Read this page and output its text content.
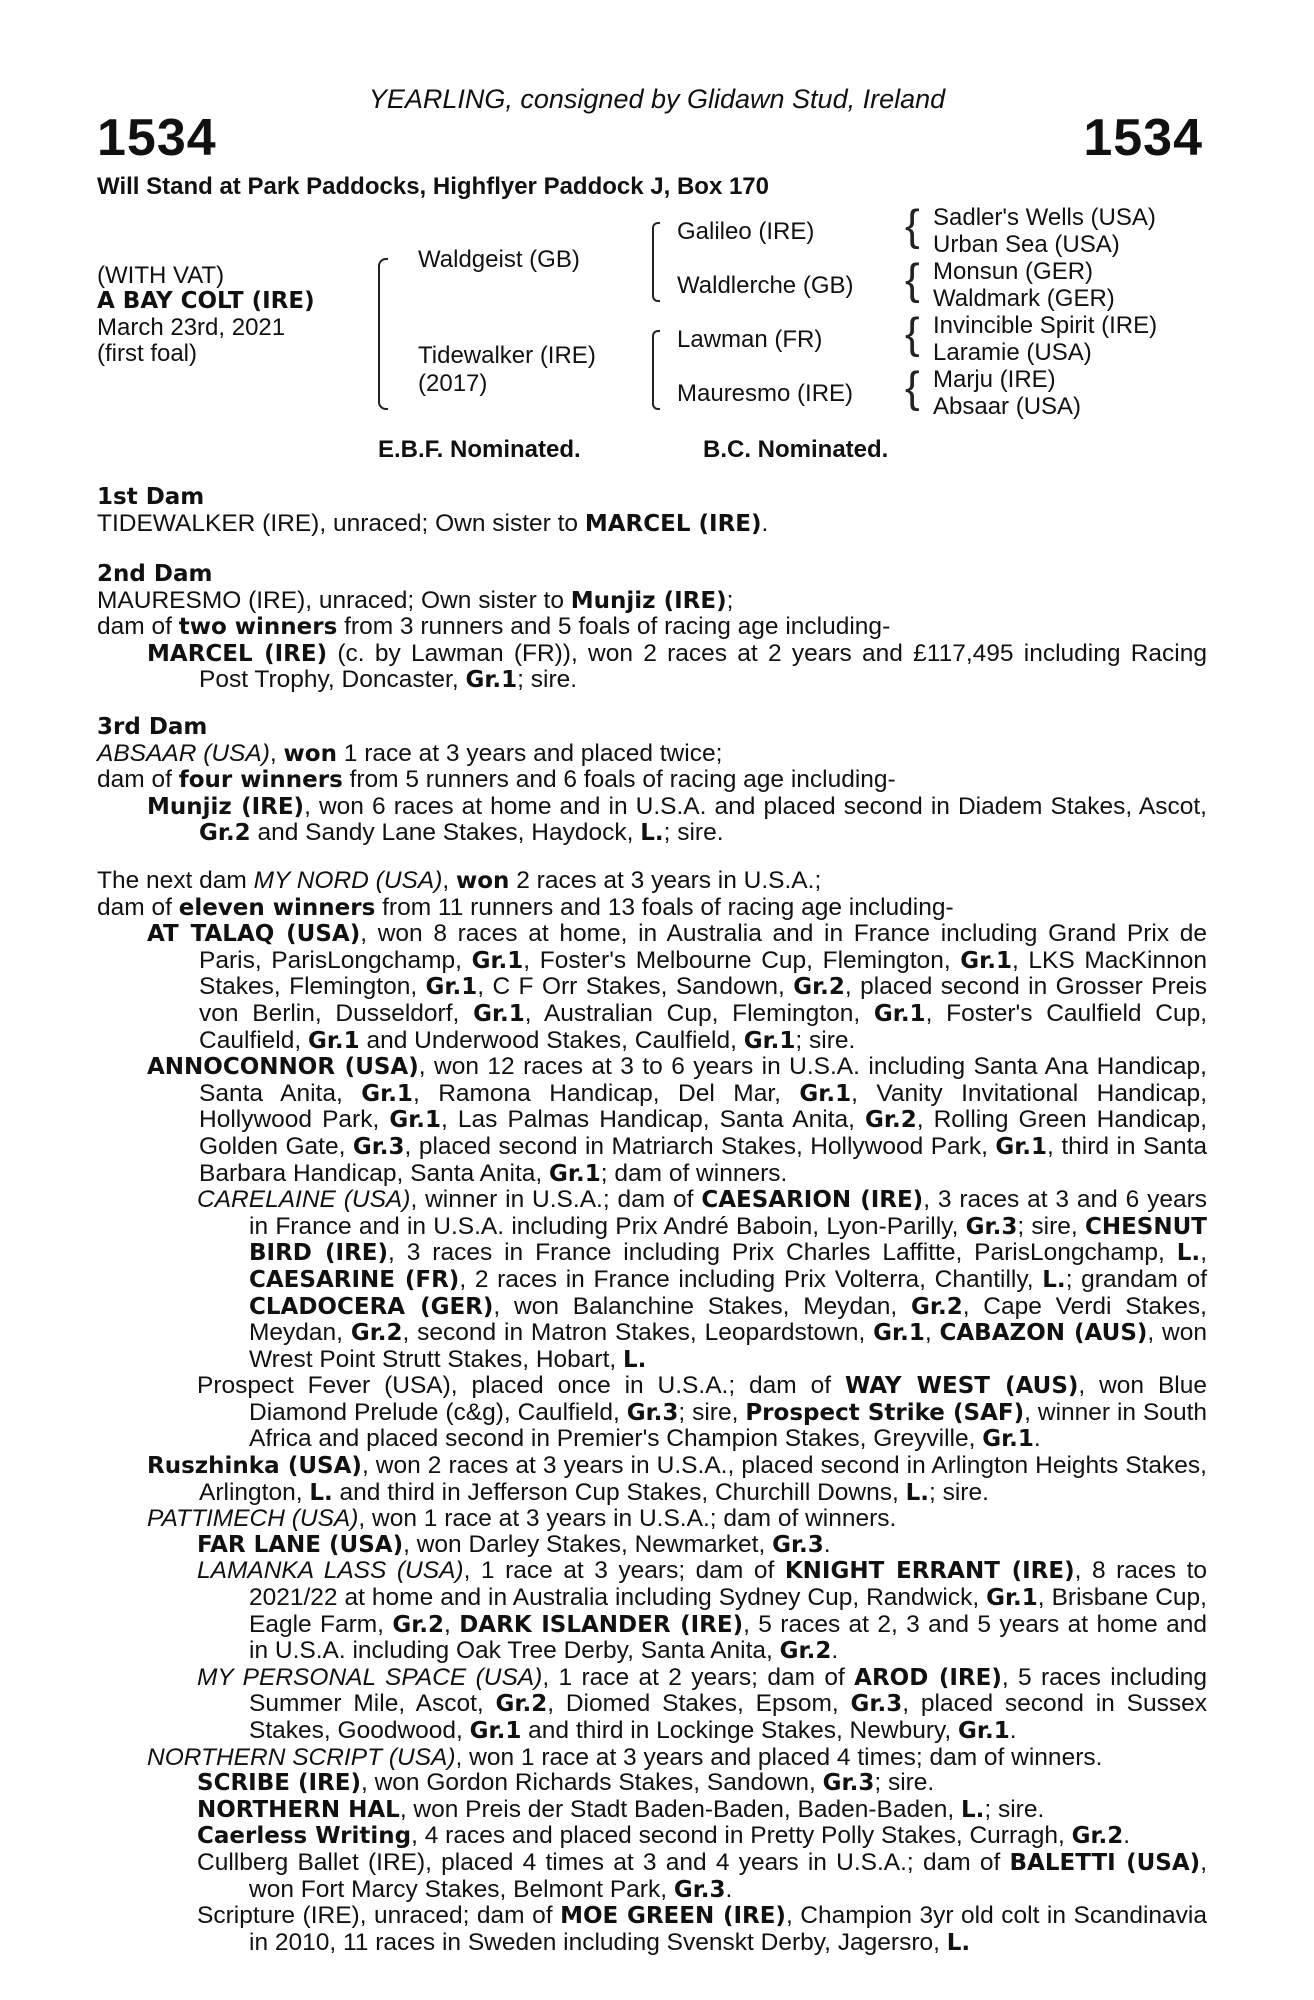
YEARLING, consigned by Glidawn Stud, Ireland
1534	1534
Will Stand at Park Paddocks, Highflyer Paddock J, Box 170
(WITH VAT)
A BAY COLT (IRE)
March 23rd, 2021
(first foal)
Waldgeist (GB)
Tidewalker (IRE)
(2017)
Galileo (IRE)
Waldlerche (GB)
Lawman (FR)
Mauresmo (IRE)
{
{
{
{
Sadler's Wells (USA)
Urban Sea (USA)
Monsun (GER)
Waldmark (GER)
Invincible Spirit (IRE)
Laramie (USA)
Marju (IRE)
Absaar (USA)
E.B.F. Nominated.	B.C. Nominated.

1st Dam

TIDEWALKER (IRE), unraced; Own sister to MARCEL (IRE).

2nd Dam

MAURESMO (IRE), unraced; Own sister to Munjiz (IRE);

dam of two winners from 3 runners and 5 foals of racing age including-

MARCEL (IRE) (c. by Lawman (FR)), won 2 races at 2 years and £117,495 including Racing Post Trophy, Doncaster, Gr.1; sire.

3rd Dam

ABSAAR (USA), won 1 race at 3 years and placed twice;

dam of four winners from 5 runners and 6 foals of racing age including-

Munjiz (IRE), won 6 races at home and in U.S.A. and placed second in Diadem Stakes, Ascot, Gr.2 and Sandy Lane Stakes, Haydock, L.; sire.

The next dam MY NORD (USA), won 2 races at 3 years in U.S.A.;

dam of eleven winners from 11 runners and 13 foals of racing age including-

AT TALAQ (USA), won 8 races at home, in Australia and in France including Grand Prix de Paris, ParisLongchamp, Gr.1, Foster's Melbourne Cup, Flemington, Gr.1, LKS MacKinnon Stakes, Flemington, Gr.1, C F Orr Stakes, Sandown, Gr.2, placed second in Grosser Preis von Berlin, Dusseldorf, Gr.1, Australian Cup, Flemington, Gr.1, Foster's Caulfield Cup, Caulfield, Gr.1 and Underwood Stakes, Caulfield, Gr.1; sire.

ANNOCONNOR (USA), won 12 races at 3 to 6 years in U.S.A. including Santa Ana Handicap, Santa Anita, Gr.1, Ramona Handicap, Del Mar, Gr.1, Vanity Invitational Handicap, Hollywood Park, Gr.1, Las Palmas Handicap, Santa Anita, Gr.2, Rolling Green Handicap, Golden Gate, Gr.3, placed second in Matriarch Stakes, Hollywood Park, Gr.1, third in Santa Barbara Handicap, Santa Anita, Gr.1; dam of winners.

CARELAINE (USA), winner in U.S.A.; dam of CAESARION (IRE), 3 races at 3 and 6 years in France and in U.S.A. including Prix André Baboin, Lyon-Parilly, Gr.3; sire, CHESNUT BIRD (IRE), 3 races in France including Prix Charles Laffitte, ParisLongchamp, L., CAESARINE (FR), 2 races in France including Prix Volterra, Chantilly, L.; grandam of CLADOCERA (GER), won Balanchine Stakes, Meydan, Gr.2, Cape Verdi Stakes, Meydan, Gr.2, second in Matron Stakes, Leopardstown, Gr.1, CABAZON (AUS), won Wrest Point Strutt Stakes, Hobart, L.

Prospect Fever (USA), placed once in U.S.A.; dam of WAY WEST (AUS), won Blue Diamond Prelude (c&g), Caulfield, Gr.3; sire, Prospect Strike (SAF), winner in South Africa and placed second in Premier's Champion Stakes, Greyville, Gr.1.

Ruszhinka (USA), won 2 races at 3 years in U.S.A., placed second in Arlington Heights Stakes, Arlington, L. and third in Jefferson Cup Stakes, Churchill Downs, L.; sire.

PATTIMECH (USA), won 1 race at 3 years in U.S.A.; dam of winners.

FAR LANE (USA), won Darley Stakes, Newmarket, Gr.3.

LAMANKA LASS (USA), 1 race at 3 years; dam of KNIGHT ERRANT (IRE), 8 races to 2021/22 at home and in Australia including Sydney Cup, Randwick, Gr.1, Brisbane Cup, Eagle Farm, Gr.2, DARK ISLANDER (IRE), 5 races at 2, 3 and 5 years at home and in U.S.A. including Oak Tree Derby, Santa Anita, Gr.2.

MY PERSONAL SPACE (USA), 1 race at 2 years; dam of AROD (IRE), 5 races including Summer Mile, Ascot, Gr.2, Diomed Stakes, Epsom, Gr.3, placed second in Sussex Stakes, Goodwood, Gr.1 and third in Lockinge Stakes, Newbury, Gr.1.

NORTHERN SCRIPT (USA), won 1 race at 3 years and placed 4 times; dam of winners.

SCRIBE (IRE), won Gordon Richards Stakes, Sandown, Gr.3; sire.

NORTHERN HAL, won Preis der Stadt Baden-Baden, Baden-Baden, L.; sire.

Caerless Writing, 4 races and placed second in Pretty Polly Stakes, Curragh, Gr.2.

Cullberg Ballet (IRE), placed 4 times at 3 and 4 years in U.S.A.; dam of BALETTI (USA), won Fort Marcy Stakes, Belmont Park, Gr.3.

Scripture (IRE), unraced; dam of MOE GREEN (IRE), Champion 3yr old colt in Scandinavia in 2010, 11 races in Sweden including Svenskt Derby, Jagersro, L.
